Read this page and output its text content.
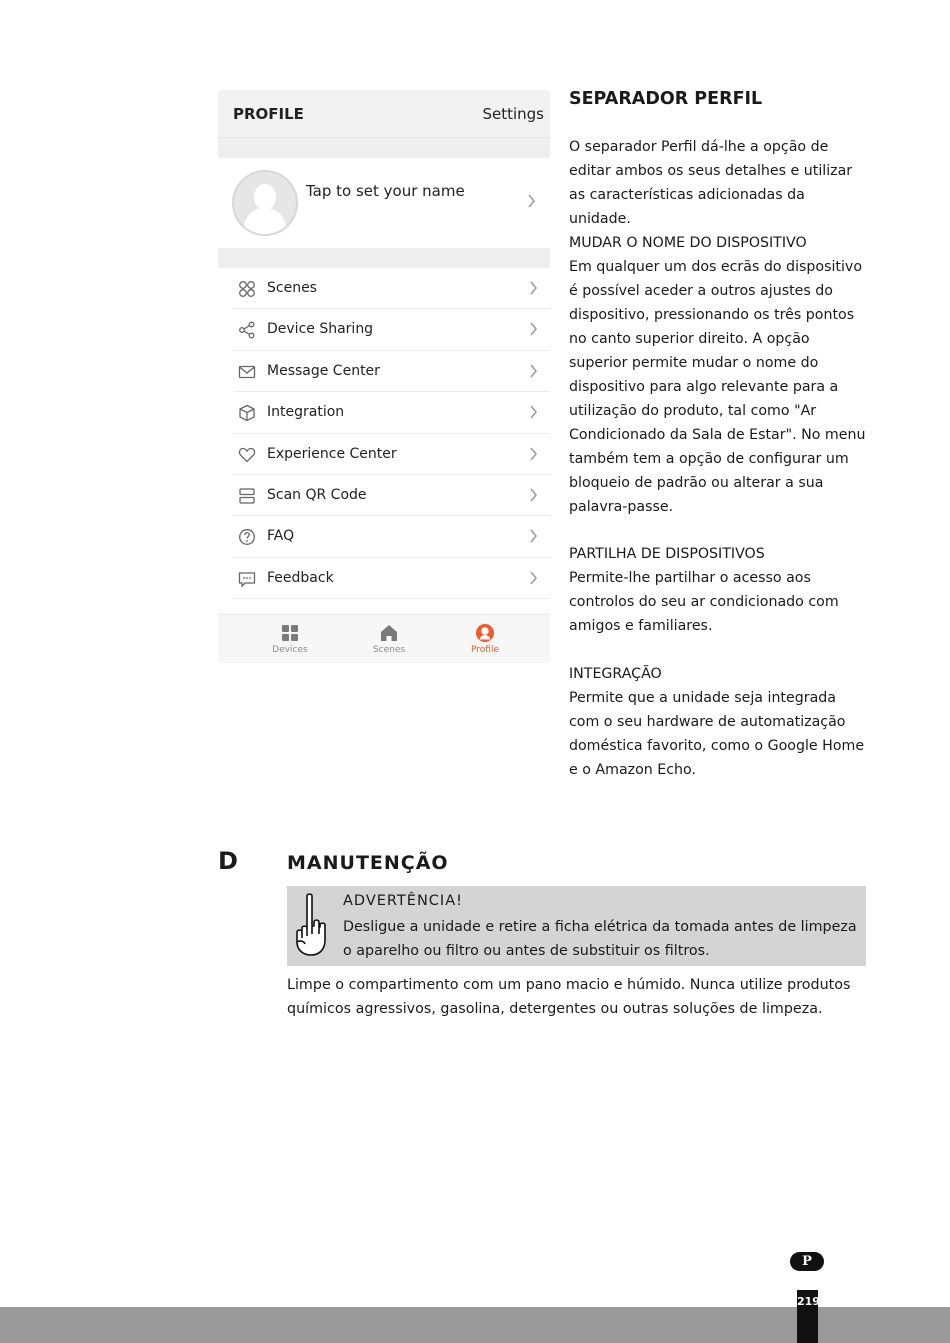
PROFILE	Settings
Tap to set your name
Scenes
Device Sharing
Message Center
Integration
Experience Center
Scan QR Code
FAQ
Feedback
Devices	Scenes	Profile
SEPARADOR PERFIL

O separador Perfil dá-lhe a opção de editar ambos os seus detalhes e utilizar as características adicionadas da unidade.

MUDAR O NOME DO DISPOSITIVO

Em qualquer um dos ecrãs do dispositivo é possível aceder a outros ajustes do dispositivo, pressionando os três pontos no canto superior direito. A opção superior permite mudar o nome do dispositivo para algo relevante para a utilização do produto, tal como "Ar Condicionado da Sala de Estar". No menu também tem a opção de configurar um bloqueio de padrão ou alterar a sua palavra-passe.

PARTILHA DE DISPOSITIVOS

Permite-lhe partilhar o acesso aos controlos do seu ar condicionado com amigos e familiares.

INTEGRAÇÃO

Permite que a unidade seja integrada com o seu hardware de automatização doméstica favorito, como o Google Home e o Amazon Echo.

D	MANUTENÇÃO
ADVERTÊNCIA!
Desligue a unidade e retire a ficha elétrica da tomada antes de limpeza o aparelho ou filtro ou antes de substituir os filtros.

Limpe o compartimento com um pano macio e húmido. Nunca utilize produtos químicos agressivos, gasolina, detergentes ou outras soluções de limpeza.

P
219
